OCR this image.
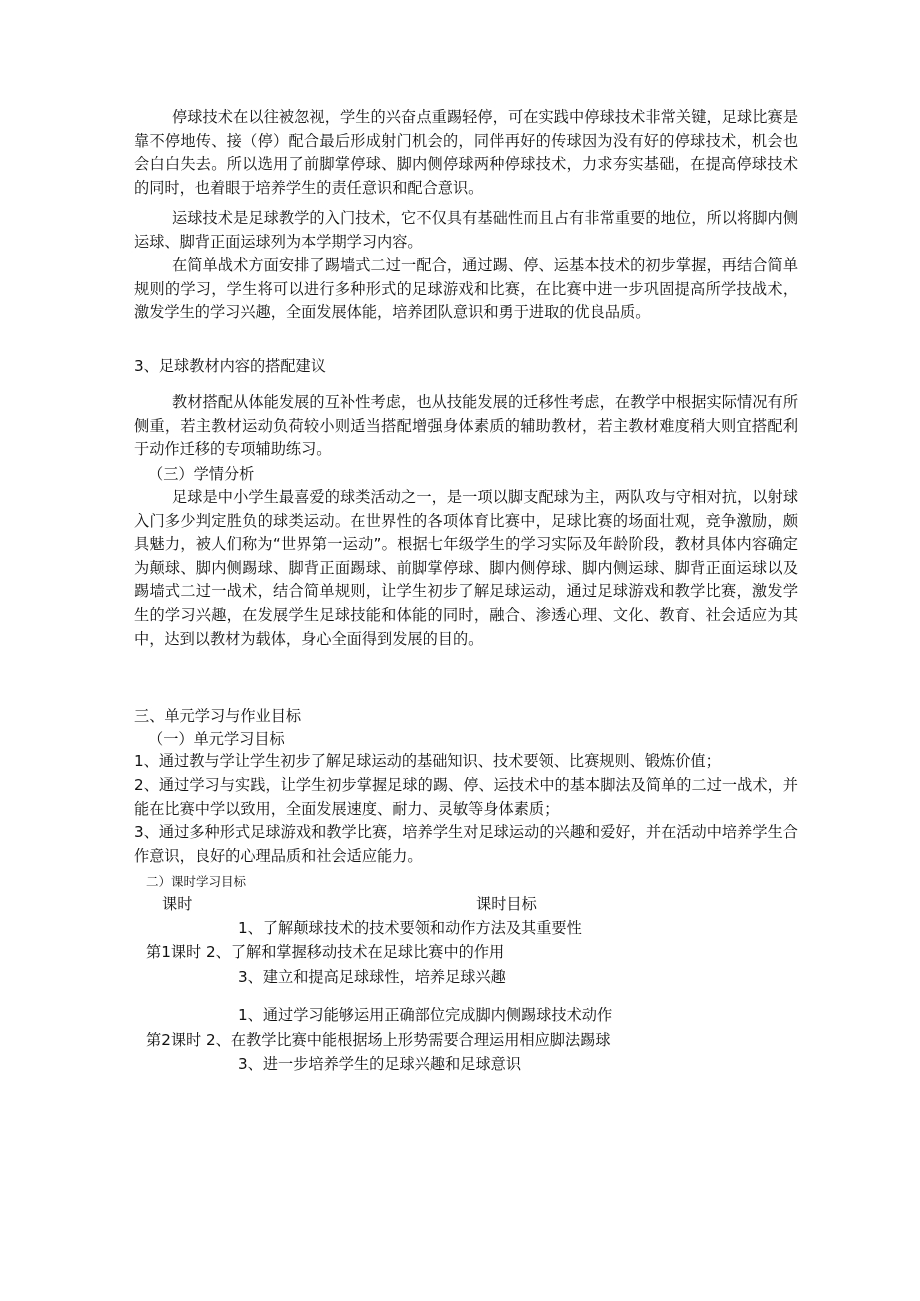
停球技术在以往被忽视，学生的兴奋点重踢轻停，可在实践中停球技术非常关键，足球比赛是靠不停地传、接（停）配合最后形成射门机会的，同伴再好的传球因为没有好的停球技术，机会也会白白失去。所以选用了前脚掌停球、脚内侧停球两种停球技术，力求夯实基础，在提高停球技术的同时，也着眼于培养学生的责任意识和配合意识。

运球技术是足球教学的入门技术，它不仅具有基础性而且占有非常重要的地位，所以将脚内侧运球、脚背正面运球列为本学期学习内容。

在简单战术方面安排了踢墙式二过一配合，通过踢、停、运基本技术的初步掌握，再结合简单规则的学习，学生将可以进行多种形式的足球游戏和比赛，在比赛中进一步巩固提高所学技战术，激发学生的学习兴趣，全面发展体能，培养团队意识和勇于进取的优良品质。

3、足球教材内容的搭配建议

教材搭配从体能发展的互补性考虑，也从技能发展的迁移性考虑，在教学中根据实际情况有所侧重，若主教材运动负荷较小则适当搭配增强身体素质的辅助教材，若主教材难度稍大则宜搭配利于动作迁移的专项辅助练习。

（三）学情分析

足球是中小学生最喜爱的球类活动之一，是一项以脚支配球为主，两队攻与守相对抗，以射球入门多少判定胜负的球类运动。在世界性的各项体育比赛中，足球比赛的场面壮观，竞争激励，颇具魅力，被人们称为“世界第一运动”。根据七年级学生的学习实际及年龄阶段，教材具体内容确定为颠球、脚内侧踢球、脚背正面踢球、前脚掌停球、脚内侧停球、脚内侧运球、脚背正面运球以及踢墙式二过一战术，结合简单规则，让学生初步了解足球运动，通过足球游戏和教学比赛，激发学生的学习兴趣，在发展学生足球技能和体能的同时，融合、渗透心理、文化、教育、社会适应为其中，达到以教材为载体，身心全面得到发展的目的。

三、单元学习与作业目标

（一）单元学习目标

1、通过教与学让学生初步了解足球运动的基础知识、技术要领、比赛规则、锻炼价值；

2、通过学习与实践，让学生初步掌握足球的踢、停、运技术中的基本脚法及简单的二过一战术，并能在比赛中学以致用，全面发展速度、耐力、灵敏等身体素质；

3、通过多种形式足球游戏和教学比赛，培养学生对足球运动的兴趣和爱好，并在活动中培养学生合作意识，良好的心理品质和社会适应能力。

二）课时学习目标

课时	课时目标

1、了解颠球技术的技术要领和动作方法及其重要性

第1课时 2、了解和掌握移动技术在足球比赛中的作用

3、建立和提高足球球性，培养足球兴趣

1、通过学习能够运用正确部位完成脚内侧踢球技术动作

第2课时 2、在教学比赛中能根据场上形势需要合理运用相应脚法踢球

3、进一步培养学生的足球兴趣和足球意识
